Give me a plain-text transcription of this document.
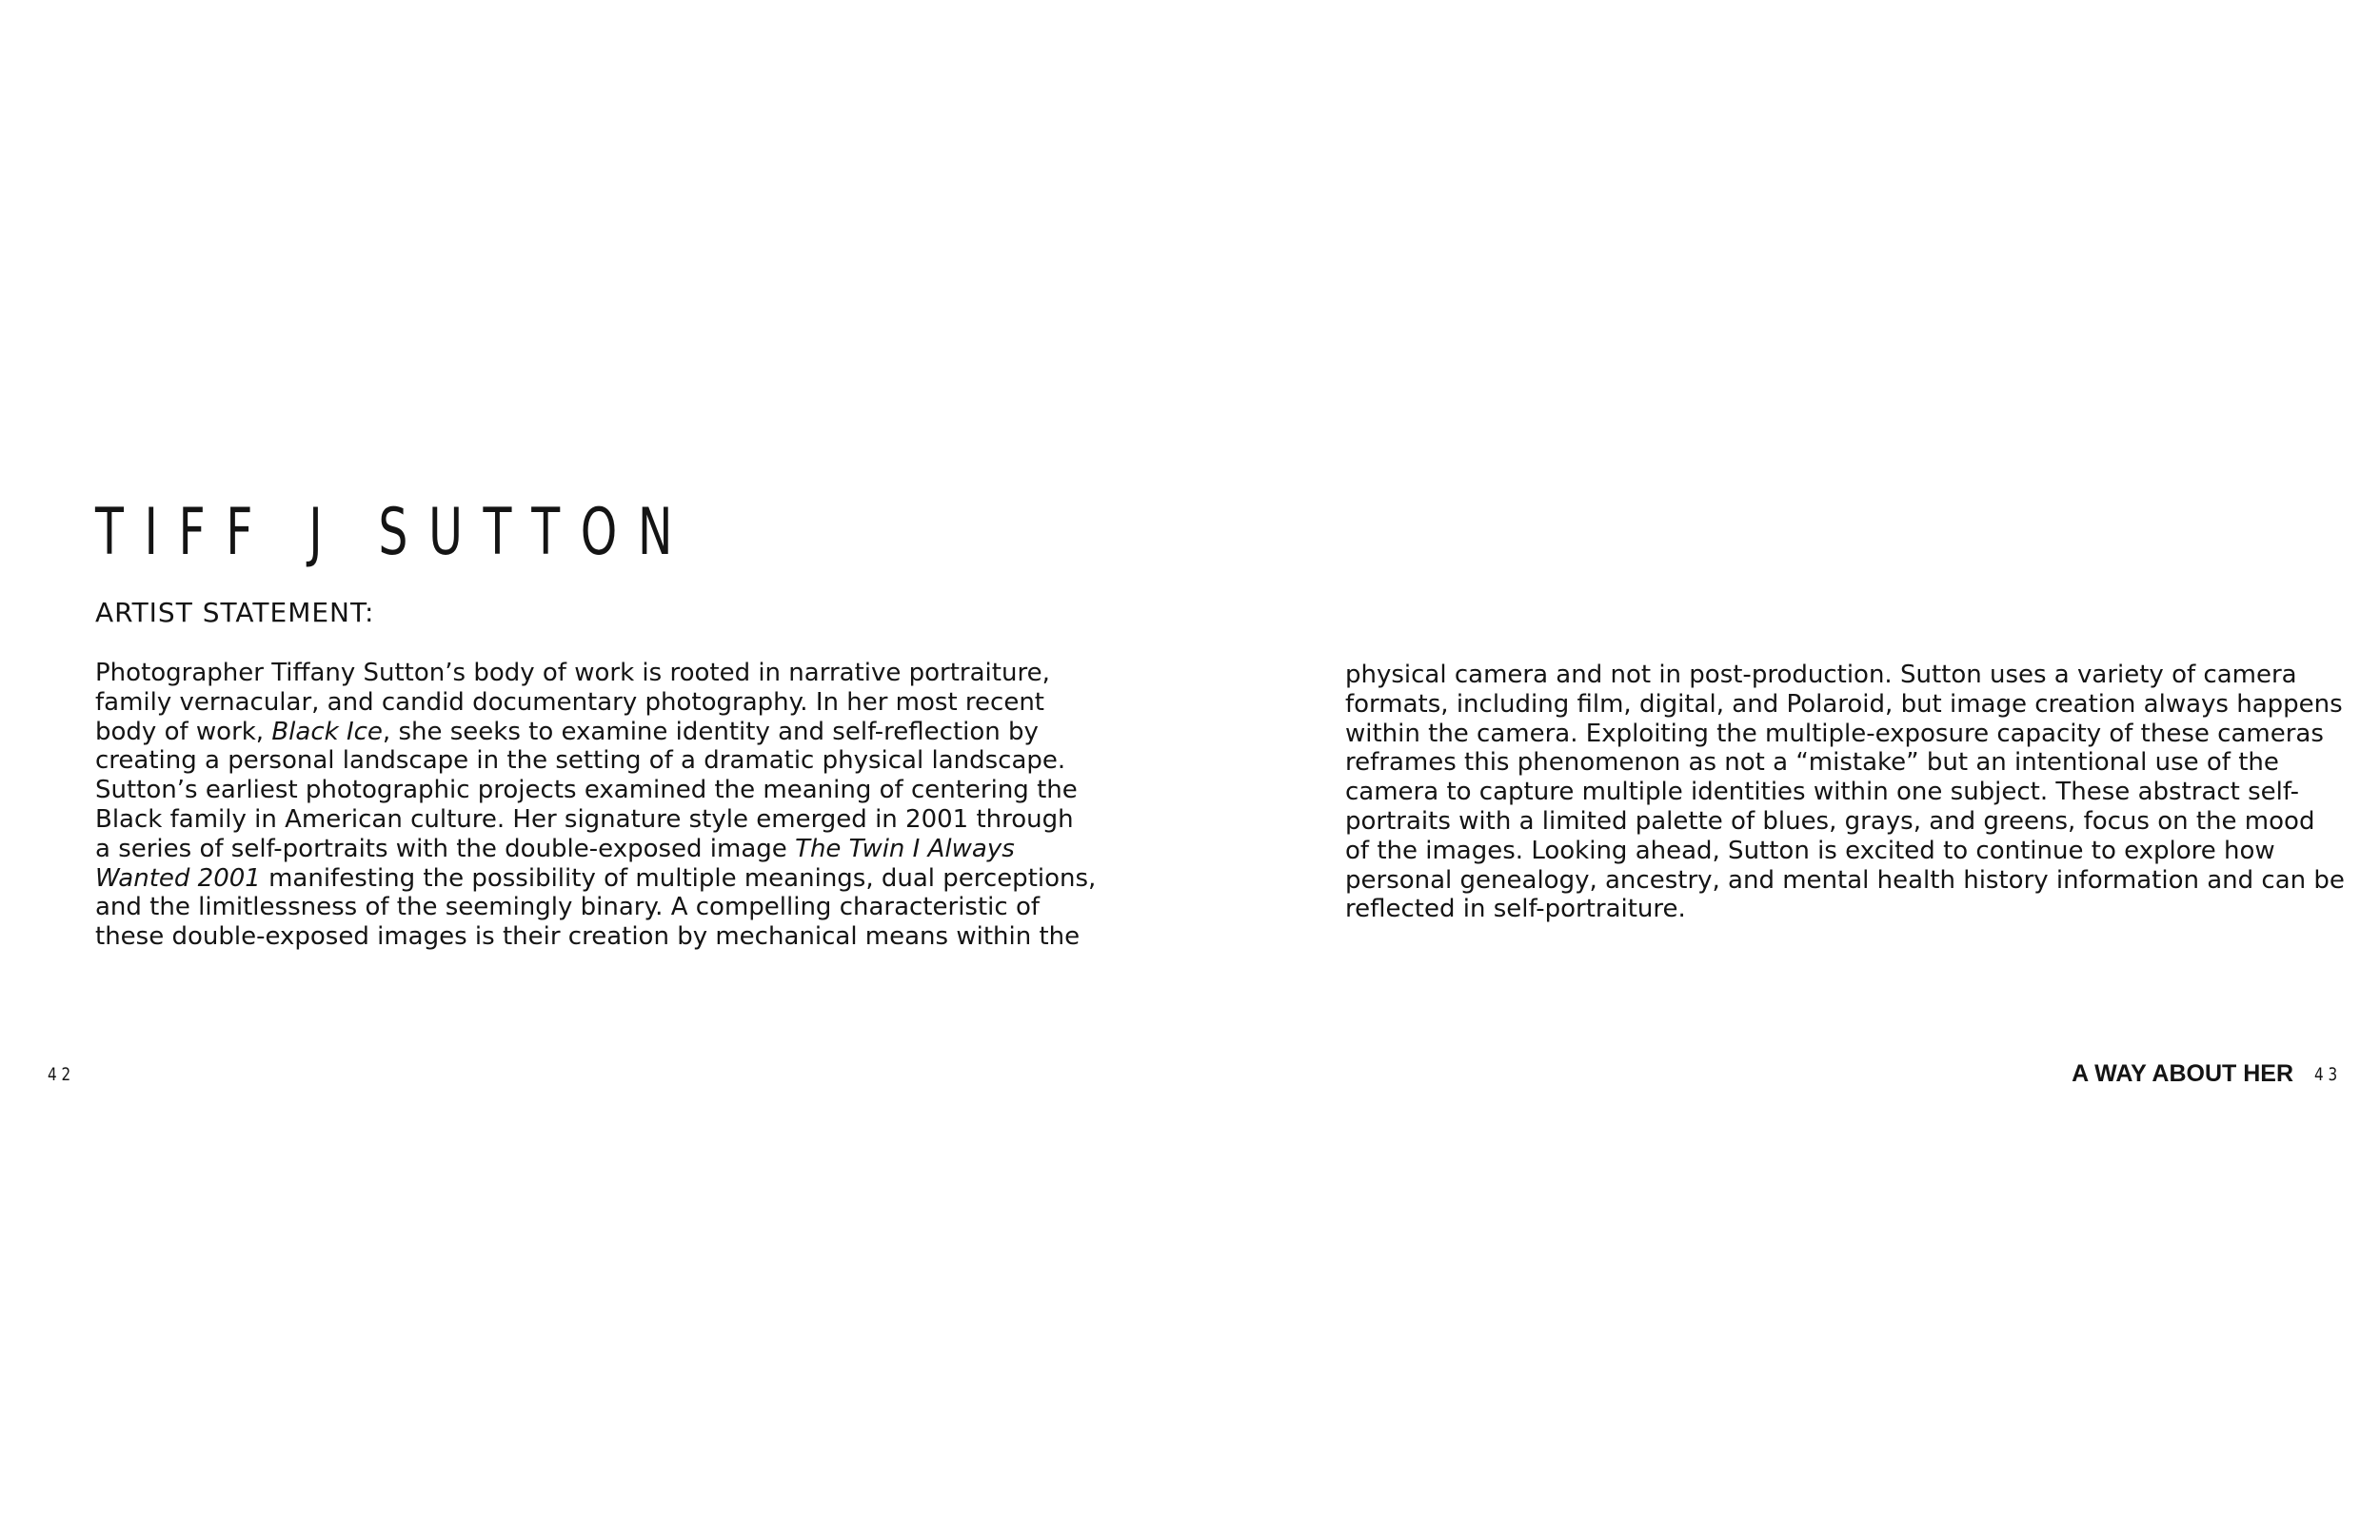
TIFF J SUTTON
ARTIST STATEMENT:

Photographer Tiffany Sutton’s body of work is rooted in narrative portraiture,
family vernacular, and candid documentary photography. In her most recent
body of work, Black Ice, she seeks to examine identity and self-reflection by
creating a personal landscape in the setting of a dramatic physical landscape.
Sutton’s earliest photographic projects examined the meaning of centering the
Black family in American culture. Her signature style emerged in 2001 through
a series of self-portraits with the double-exposed image The Twin I Always
Wanted 2001 manifesting the possibility of multiple meanings, dual perceptions,
and the limitlessness of the seemingly binary. A compelling characteristic of
these double-exposed images is their creation by mechanical means within the

42

physical camera and not in post-production. Sutton uses a variety of camera
formats, including film, digital, and Polaroid, but image creation always happens
within the camera. Exploiting the multiple-exposure capacity of these cameras
reframes this phenomenon as not a “mistake” but an intentional use of the
camera to capture multiple identities within one subject. These abstract self-
portraits with a limited palette of blues, grays, and greens, focus on the mood
of the images. Looking ahead, Sutton is excited to continue to explore how
personal genealogy, ancestry, and mental health history information and can be
reflected in self-portraiture.

A WAY ABOUT HER 43
